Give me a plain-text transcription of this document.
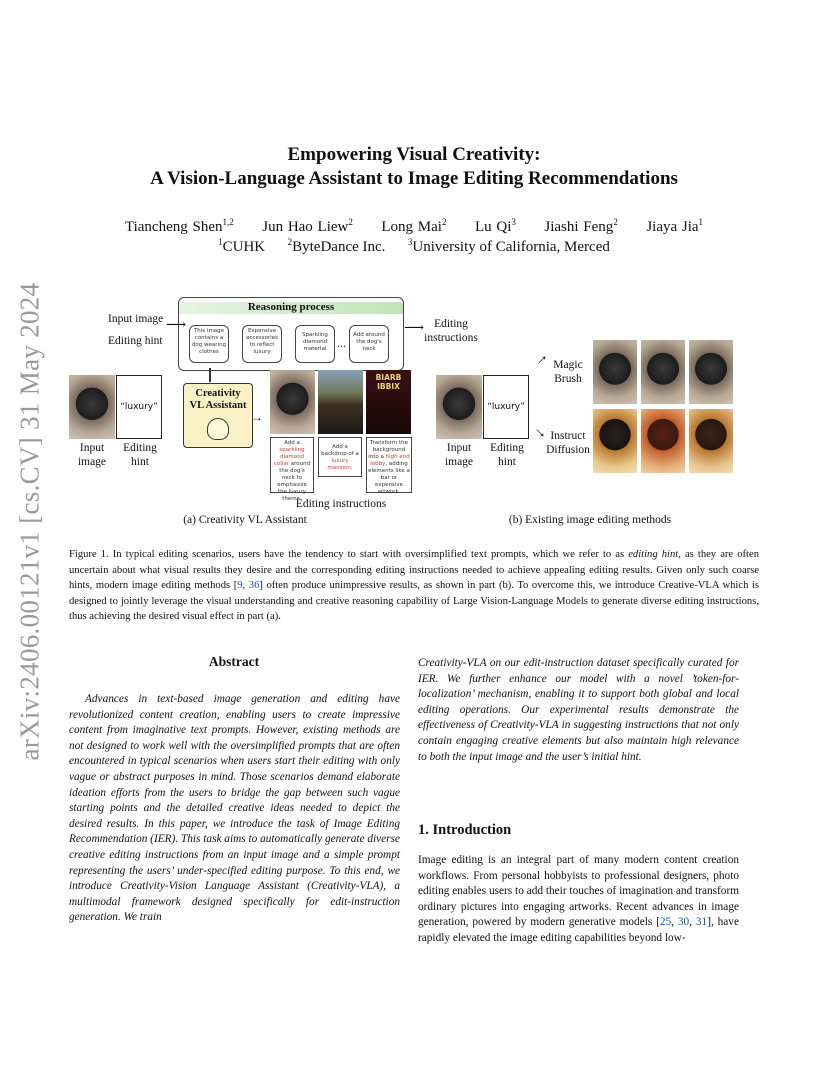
arXiv:2406.00121v1 [cs.CV] 31 May 2024
Empowering Visual Creativity:
A Vision-Language Assistant to Image Editing Recommendations
Tiancheng Shen$^{1,2}$ Jun Hao Liew$^2$ Long Mai$^2$ Lu Qi$^3$ Jiashi Feng$^2$ Jiaya Jia$^1$
$^1$CUHK	$^2$ByteDance Inc.	$^3$University of California, Merced
Reasoning process
This image contains a dog wearing clothes
Expensive accessories to reflect luxury
Sparkling diamond material ...
Add around the dog's neck
Input image
Editing hint
⟶	⟶ Editing instructions
“luxury”
Input
image
Editing
hint
Creativity
VL Assistant
→
BIARB IBBIX
Add a sparkling diamond collar around the dog's neck to emphasize the luxury theme.
Add a backdrop of a luxury mansion.
Transform the background into a high end lobby, adding elements like a bar or expensive artwork.
Editing instructions
(a) Creativity VL Assistant
“luxury”
Input
image
Editing
hint
→
→
Magic
Brush
Instruct
Diffusion
(b) Existing image editing methods
Figure 1. In typical editing scenarios, users have the tendency to start with oversimplified text prompts, which we refer to as editing hint, as they are often uncertain about what visual results they desire and the corresponding editing instructions needed to achieve appealing editing results. Given only such coarse hints, modern image editing methods [9, 36] often produce unimpressive results, as shown in part (b). To overcome this, we introduce Creative-VLA which is designed to jointly leverage the visual understanding and creative reasoning capability of Large Vision-Language Models to generate diverse editing instructions, thus achieving the desired visual effect in part (a).
Abstract
Advances in text-based image generation and editing have revolutionized content creation, enabling users to create impressive content from imaginative text prompts. However, existing methods are not designed to work well with the oversimplified prompts that are often encountered in typical scenarios when users start their editing with only vague or abstract purposes in mind. Those scenarios demand elaborate ideation efforts from the users to bridge the gap between such vague starting points and the detailed creative ideas needed to depict the desired results. In this paper, we introduce the task of Image Editing Recommendation (IER). This task aims to automatically generate diverse creative editing instructions from an input image and a simple prompt representing the users’ under-specified editing purpose. To this end, we introduce Creativity-Vision Language Assistant (Creativity-VLA), a multimodal framework designed specifically for edit-instruction generation. We train
Creativity-VLA on our edit-instruction dataset specifically curated for IER. We further enhance our model with a novel ’token-for-localization’ mechanism, enabling it to support both global and local editing operations. Our experimental results demonstrate the effectiveness of Creativity-VLA in suggesting instructions that not only contain engaging creative elements but also maintain high relevance to both the input image and the user’s initial hint.
1. Introduction
Image editing is an integral part of many modern content creation workflows. From personal hobbyists to professional designers, photo editing enables users to add their touches of imagination and transform ordinary pictures into engaging artworks. Recent advances in image generation, powered by modern generative models [25, 30, 31], have rapidly elevated the image editing capabilities beyond low-
